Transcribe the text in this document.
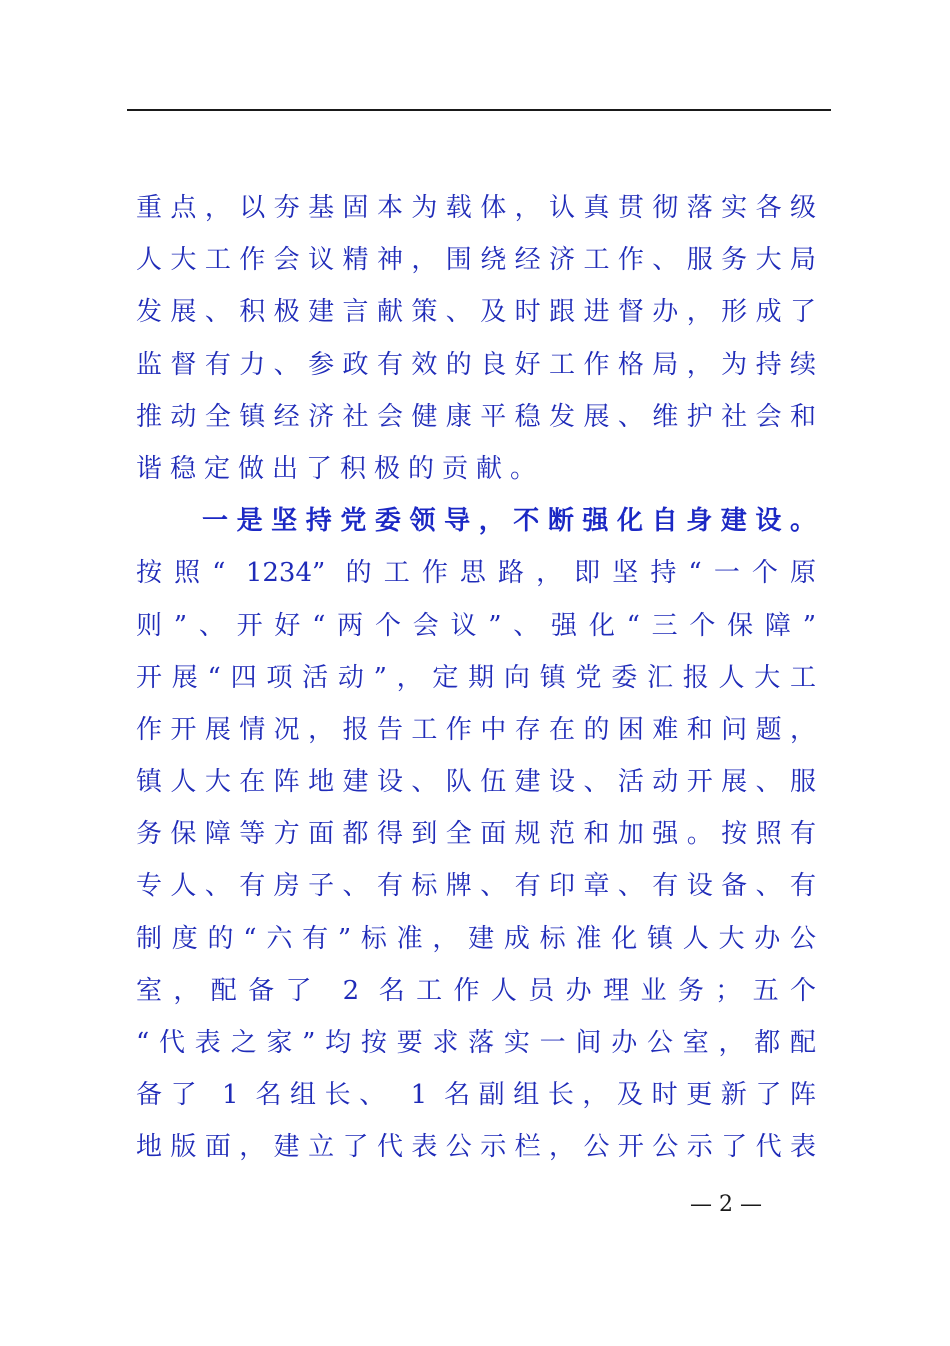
重点，以夯基固本为载体，认真贯彻落实各级
人大工作会议精神，围绕经济工作、服务大局
发展、积极建言献策、及时跟进督办，形成了
监督有力、参政有效的良好工作格局，为持续
推动全镇经济社会健康平稳发展、维护社会和
谐稳定做出了积极的贡献。
一是坚持党委领导，不断强化自身建设。
按照“ 1234” 的工作思路，即坚持“一个原
则”、开好“两个会议”、强化“三个保障”
开展“四项活动”，定期向镇党委汇报人大工
作开展情况，报告工作中存在的困难和问题，
镇人大在阵地建设、队伍建设、活动开展、服
务保障等方面都得到全面规范和加强。按照有
专人、有房子、有标牌、有印章、有设备、有
制度的“六有”标准，建成标准化镇人大办公
室，配备了 2 名工作人员办理业务；五个
“代表之家”均按要求落实一间办公室，都配
备了 1 名组长、 1 名副组长，及时更新了阵
地版面，建立了代表公示栏，公开公示了代表
— 2 —
